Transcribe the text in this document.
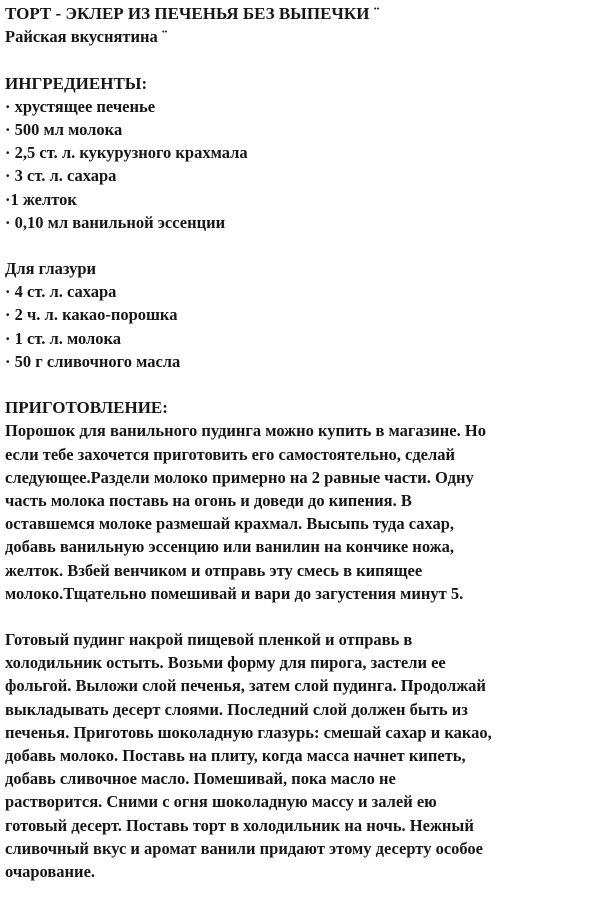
ТОРТ - ЭКЛЕР ИЗ ПЕЧЕНЬЯ БЕЗ ВЫПЕЧКИ ¨
Райская вкуснятина ¨
ИНГРЕДИЕНТЫ:
· хрустящее печенье
· 500 мл молока
· 2,5 ст. л. кукурузного крахмала
· 3 ст. л. сахара
·1 желток
· 0,10 мл ванильной эссенции
Для глазури
· 4 ст. л. сахара
· 2 ч. л. какао-порошка
· 1 ст. л. молока
· 50 г сливочного масла
ПРИГОТОВЛЕНИЕ:
Порошок для ванильного пудинга можно купить в магазине. Но
если тебе захочется приготовить его самостоятельно, сделай
следующее.Раздели молоко примерно на 2 равные части. Одну
часть молока поставь на огонь и доведи до кипения. В
оставшемся молоке размешай крахмал. Высыпь туда сахар,
добавь ванильную эссенцию или ванилин на кончике ножа,
желток. Взбей венчиком и отправь эту смесь в кипящее
молоко.Тщательно помешивай и вари до загустения минут 5.
Готовый пудинг накрой пищевой пленкой и отправь в
холодильник остыть. Возьми форму для пирога, застели ее
фольгой. Выложи слой печенья, затем слой пудинга. Продолжай
выкладывать десерт слоями. Последний слой должен быть из
печенья. Приготовь шоколадную глазурь: смешай сахар и какао,
добавь молоко. Поставь на плиту, когда масса начнет кипеть,
добавь сливочное масло. Помешивай, пока масло не
растворится. Сними с огня шоколадную массу и залей ею
готовый десерт. Поставь торт в холодильник на ночь. Нежный
сливочный вкус и аромат ванили придают этому десерту особое
очарование.
